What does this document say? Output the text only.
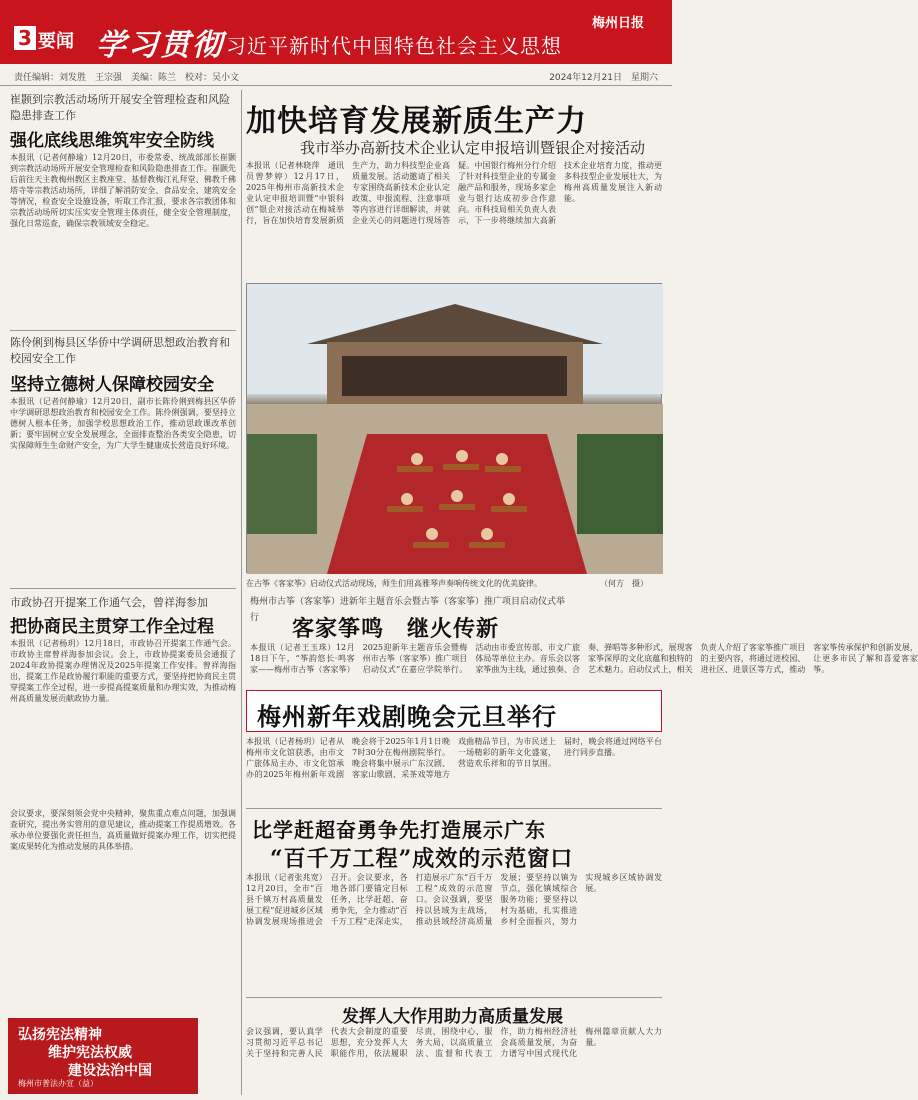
3 要闻 学习贯彻 习近平新时代中国特色社会主义思想
梅州日报
责任编辑：刘发胜　王宗强　美编：陈兰　校对：吴小文	2024年12月21日　星期六
崔颢到宗教活动场所开展安全管理检查和风险隐患排查工作
强化底线思维筑牢安全防线
本报讯（记者何静瑜）12月20日，市委常委、统战部部长崔颢到宗教活动场所开展安全管理检查和风险隐患排查工作。崔颢先后前往天主教梅州教区主教座堂、基督教梅江礼拜堂、佛教千佛塔寺等宗教活动场所，详细了解消防安全、食品安全、建筑安全等情况，检查安全设施设备，听取工作汇报，要求各宗教团体和宗教活动场所切实压实安全管理主体责任，健全安全管理制度，强化日常巡查，确保宗教领域安全稳定。
陈伶俐到梅县区华侨中学调研思想政治教育和校园安全工作
坚持立德树人保障校园安全
本报讯（记者何静瑜）12月20日，副市长陈伶俐到梅县区华侨中学调研思想政治教育和校园安全工作。陈伶俐强调，要坚持立德树人根本任务，加强学校思想政治工作，推动思政课改革创新；要牢固树立安全发展理念，全面排查整治各类安全隐患，切实保障师生生命财产安全，为广大学生健康成长营造良好环境。
市政协召开提案工作通气会，曾祥海参加
把协商民主贯穿工作全过程
本报讯（记者杨玥）12月18日，市政协召开提案工作通气会。市政协主席曾祥海参加会议。会上，市政协提案委员会通报了2024年政协提案办理情况及2025年提案工作安排。曾祥海指出，提案工作是政协履行职能的重要方式，要坚持把协商民主贯穿提案工作全过程，进一步提高提案质量和办理实效，为推动梅州高质量发展贡献政协力量。
会议要求，要深刻领会党中央精神，聚焦重点难点问题，加强调查研究，提出务实管用的意见建议，推动提案工作提质增效。各承办单位要强化责任担当，高质量做好提案办理工作，切实把提案成果转化为推动发展的具体举措。
弘扬宪法精神
维护宪法权威
建设法治中国
梅州市普法办宣（益）
加快培育发展新质生产力
我市举办高新技术企业认定申报培训暨银企对接活动
本报讯（记者林晓萍　通讯员曾梦婷）12月17日，2025年梅州市高新技术企业认定申报培训暨“中银科创”银企对接活动在梅城举行，旨在加快培育发展新质生产力，助力科技型企业高质量发展。活动邀请了相关专家围绕高新技术企业认定政策、申报流程、注意事项等内容进行详细解读，并就企业关心的问题进行现场答疑。中国银行梅州分行介绍了针对科技型企业的专属金融产品和服务，现场多家企业与银行达成初步合作意向。市科技局相关负责人表示，下一步将继续加大高新技术企业培育力度，推动更多科技型企业发展壮大，为梅州高质量发展注入新动能。
在古筝《客家筝》启动仪式活动现场，师生们用高雅琴声奏响传统文化的优美旋律。	（何方　摄）
梅州市古筝（客家筝）进新年主题音乐会暨古筝（客家筝）推广项目启动仪式举行	客家筝鸣　继火传新
本报讯（记者王玉珠）12月18日下午，“筝韵悠长·鸣客家——梅州市古筝（客家筝）2025迎新年主题音乐会暨梅州市古筝（客家筝）推广项目启动仪式”在嘉应学院举行。活动由市委宣传部、市文广旅体局等单位主办。音乐会以客家筝曲为主线，通过独奏、合奏、弹唱等多种形式，展现客家筝深厚的文化底蕴和独特的艺术魅力。启动仪式上，相关负责人介绍了客家筝推广项目的主要内容，将通过进校园、进社区、进景区等方式，推动客家筝传承保护和创新发展，让更多市民了解和喜爱客家筝。
梅州新年戏剧晚会元旦举行
本报讯（记者杨玥）记者从梅州市文化馆获悉，由市文广旅体局主办、市文化馆承办的2025年梅州新年戏剧晚会将于2025年1月1日晚7时30分在梅州剧院举行。晚会将集中展示广东汉剧、客家山歌剧、采茶戏等地方戏曲精品节目，为市民送上一场精彩的新年文化盛宴，营造欢乐祥和的节日氛围。届时，晚会将通过网络平台进行同步直播。
比学赶超奋勇争先打造展示广东
“百千万工程”成效的示范窗口
本报讯（记者张兆宽）12月20日，全市“百县千镇万村高质量发展工程”促进城乡区域协调发展现场推进会召开。会议要求，各地各部门要锚定目标任务，比学赶超、奋勇争先，全力推动“百千万工程”走深走实，打造展示广东“百千万工程”成效的示范窗口。会议强调，要坚持以县域为主战场，推动县域经济高质量发展；要坚持以镇为节点，强化镇域综合服务功能；要坚持以村为基础，扎实推进乡村全面振兴，努力实现城乡区域协调发展。
发挥人大作用助力高质量发展
会议强调，要认真学习贯彻习近平总书记关于坚持和完善人民代表大会制度的重要思想，充分发挥人大职能作用，依法履职尽责，围绕中心、服务大局，以高质量立法、监督和代表工作，助力梅州经济社会高质量发展，为奋力谱写中国式现代化梅州篇章贡献人大力量。
